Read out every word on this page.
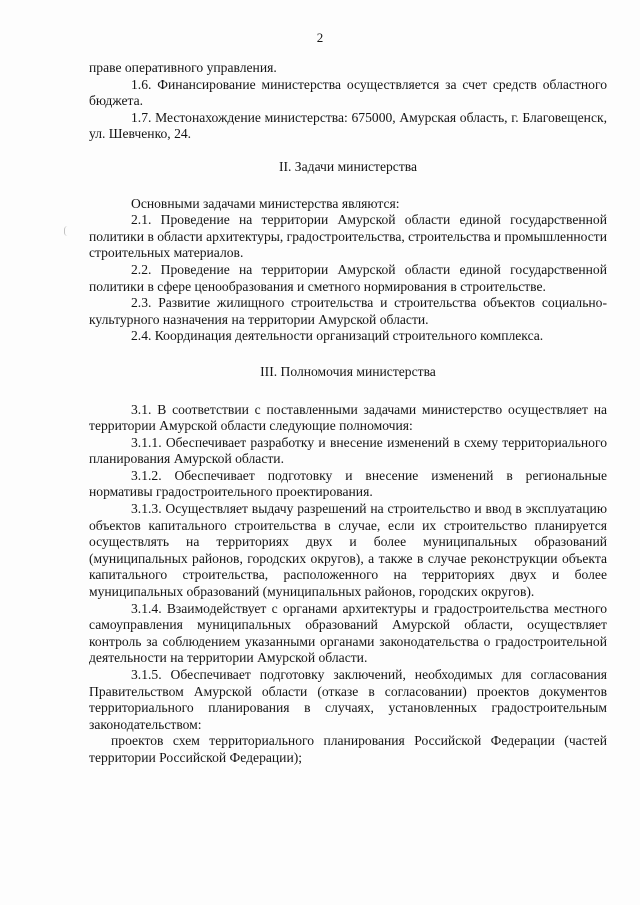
2

праве оперативного управления.

1.6. Финансирование министерства осуществляется за счет средств областного бюджета.

1.7. Местонахождение министерства: 675000, Амурская область, г. Благовещенск, ул. Шевченко, 24.

II. Задачи министерства

Основными задачами министерства являются:

2.1. Проведение на территории Амурской области единой государственной политики в области архитектуры, градостроительства, строительства и промышленности строительных материалов.

2.2. Проведение на территории Амурской области единой государственной политики в сфере ценообразования и сметного нормирования в строительстве.

2.3. Развитие жилищного строительства и строительства объектов социально-культурного назначения на территории Амурской области.

2.4. Координация деятельности организаций строительного комплекса.

III. Полномочия министерства

3.1. В соответствии с поставленными задачами министерство осуществляет на территории Амурской области следующие полномочия:

3.1.1. Обеспечивает разработку и внесение изменений в схему территориального планирования Амурской области.

3.1.2. Обеспечивает подготовку и внесение изменений в региональные нормативы градостроительного проектирования.

3.1.3. Осуществляет выдачу разрешений на строительство и ввод в эксплуатацию объектов капитального строительства в случае, если их строительство планируется осуществлять на территориях двух и более муниципальных образований (муниципальных районов, городских округов), а также в случае реконструкции объекта капитального строительства, расположенного на территориях двух и более муниципальных образований (муниципальных районов, городских округов).

3.1.4. Взаимодействует с органами архитектуры и градостроительства местного самоуправления муниципальных образований Амурской области, осуществляет контроль за соблюдением указанными органами законодательства о градостроительной деятельности на территории Амурской области.

3.1.5. Обеспечивает подготовку заключений, необходимых для согласования Правительством Амурской области (отказе в согласовании) проектов документов территориального планирования в случаях, установленных градостроительным законодательством:

проектов схем территориального планирования Российской Федерации (частей территории Российской Федерации);
